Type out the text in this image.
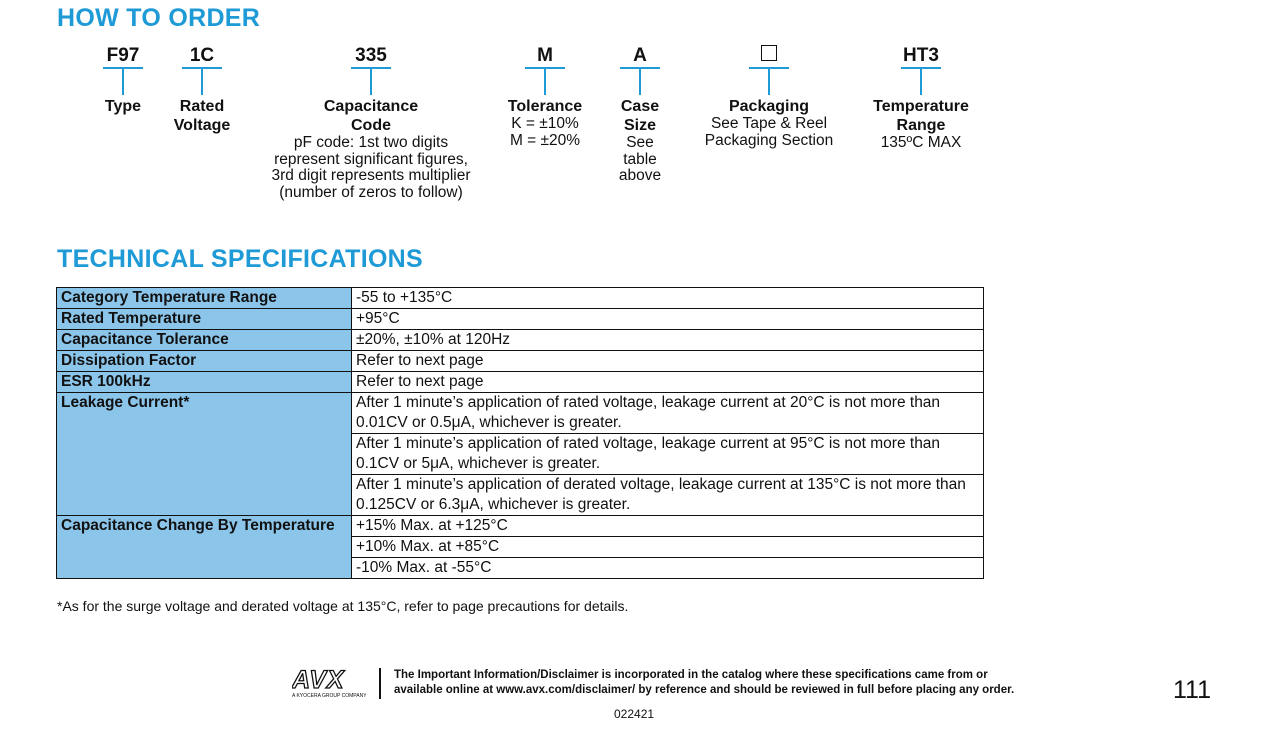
HOW TO ORDER
F97
Type
1C
Rated
Voltage
335
Capacitance
Code
pF code: 1st two digits
represent significant figures,
3rd digit represents multiplier
(number of zeros to follow)
M
Tolerance
K = ±10%
M = ±20%
A
Case
Size
See
table
above
Packaging
See Tape & Reel
Packaging Section
HT3
Temperature
Range
135ºC MAX
TECHNICAL SPECIFICATIONS
Category Temperature Range	-55 to +135°C
Rated Temperature	+95°C
Capacitance Tolerance	±20%, ±10% at 120Hz
Dissipation Factor	Refer to next page
ESR 100kHz	Refer to next page
Leakage Current*	After 1 minute’s application of rated voltage, leakage current at 20°C is not more than 0.01CV or 0.5μA, whichever is greater.
	After 1 minute’s application of rated voltage, leakage current at 95°C is not more than 0.1CV or 5μA, whichever is greater.
	After 1 minute’s application of derated voltage, leakage current at 135°C is not more than 0.125CV or 6.3μA, whichever is greater.
Capacitance Change By Temperature	+15% Max. at +125°C
	+10% Max. at +85°C
	-10% Max. at -55°C
*As for the surge voltage and derated voltage at 135°C, refer to page precautions for details.
AVX
A KYOCERA GROUP COMPANY
The Important Information/Disclaimer is incorporated in the catalog where these specifications came from or
available online at www.avx.com/disclaimer/ by reference and should be reviewed in full before placing any order.	111
022421
